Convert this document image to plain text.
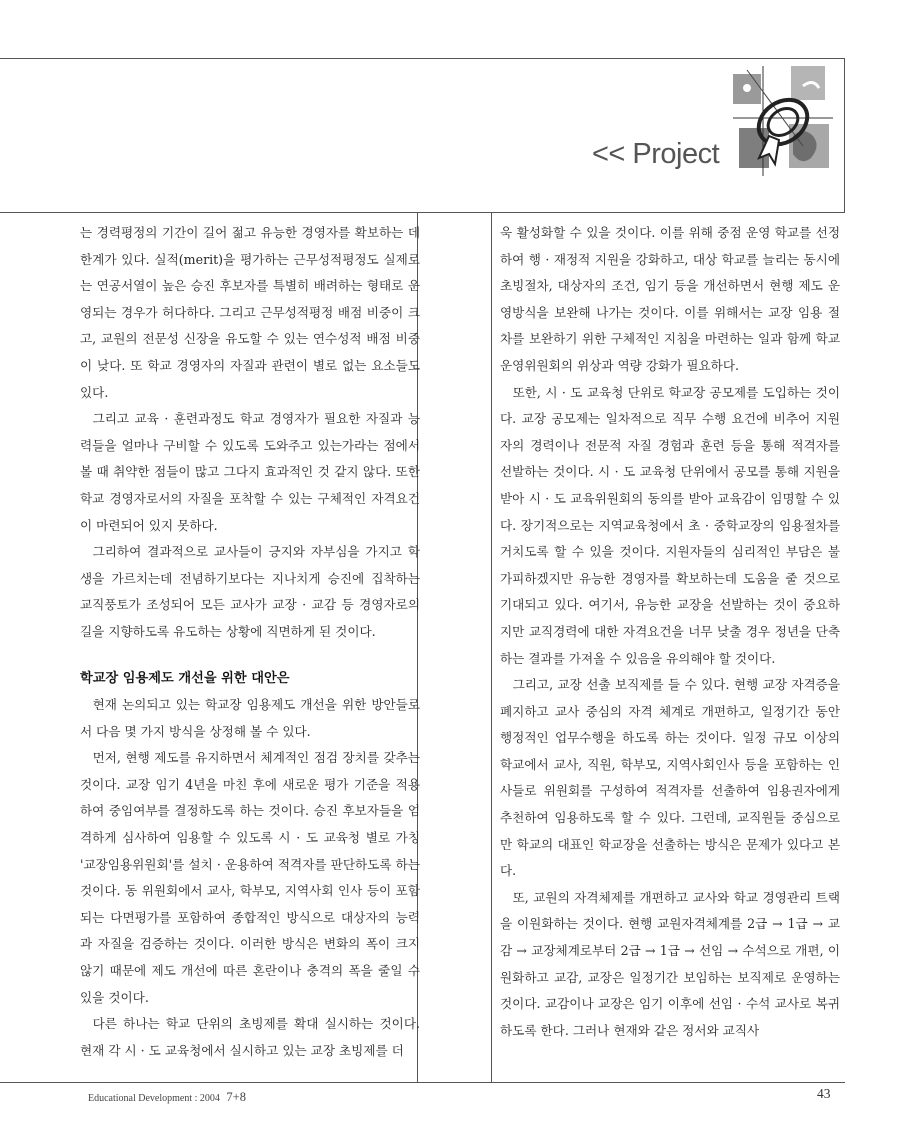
<< Project

는 경력평정의 기간이 길어 젊고 유능한 경영자를 확보하는 데 한계가 있다. 실적(merit)을 평가하는 근무성적평정도 실제로는 연공서열이 높은 승진 후보자를 특별히 배려하는 형태로 운영되는 경우가 허다하다. 그리고 근무성적평정 배점 비중이 크고, 교원의 전문성 신장을 유도할 수 있는 연수성적 배점 비중이 낮다. 또 학교 경영자의 자질과 관련이 별로 없는 요소들도 있다.

그리고 교육 · 훈련과정도 학교 경영자가 필요한 자질과 능력들을 얼마나 구비할 수 있도록 도와주고 있는가라는 점에서 볼 때 취약한 점들이 많고 그다지 효과적인 것 같지 않다. 또한 학교 경영자로서의 자질을 포착할 수 있는 구체적인 자격요건이 마련되어 있지 못하다.

그리하여 결과적으로 교사들이 긍지와 자부심을 가지고 학생을 가르치는데 전념하기보다는 지나치게 승진에 집착하는 교직풍토가 조성되어 모든 교사가 교장 · 교감 등 경영자로의 길을 지향하도록 유도하는 상황에 직면하게 된 것이다.

학교장 임용제도 개선을 위한 대안은

현재 논의되고 있는 학교장 임용제도 개선을 위한 방안들로서 다음 몇 가지 방식을 상정해 볼 수 있다.

먼저, 현행 제도를 유지하면서 체계적인 점검 장치를 갖추는 것이다. 교장 임기 4년을 마친 후에 새로운 평가 기준을 적용하여 중임여부를 결정하도록 하는 것이다. 승진 후보자들을 엄격하게 심사하여 임용할 수 있도록 시 · 도 교육청 별로 가칭 '교장임용위원회'를 설치 · 운용하여 적격자를 판단하도록 하는 것이다. 동 위원회에서 교사, 학부모, 지역사회 인사 등이 포함되는 다면평가를 포함하여 종합적인 방식으로 대상자의 능력과 자질을 검증하는 것이다. 이러한 방식은 변화의 폭이 크지 않기 때문에 제도 개선에 따른 혼란이나 충격의 폭을 줄일 수 있을 것이다.

다른 하나는 학교 단위의 초빙제를 확대 실시하는 것이다. 현재 각 시 · 도 교육청에서 실시하고 있는 교장 초빙제를 더

욱 활성화할 수 있을 것이다. 이를 위해 중점 운영 학교를 선정하여 행 · 재정적 지원을 강화하고, 대상 학교를 늘리는 동시에 초빙절차, 대상자의 조건, 임기 등을 개선하면서 현행 제도 운영방식을 보완해 나가는 것이다. 이를 위해서는 교장 임용 절차를 보완하기 위한 구체적인 지침을 마련하는 일과 함께 학교운영위원회의 위상과 역량 강화가 필요하다.

또한, 시 · 도 교육청 단위로 학교장 공모제를 도입하는 것이다. 교장 공모제는 일차적으로 직무 수행 요건에 비추어 지원자의 경력이나 전문적 자질 경험과 훈련 등을 통해 적격자를 선발하는 것이다. 시 · 도 교육청 단위에서 공모를 통해 지원을 받아 시 · 도 교육위원회의 동의를 받아 교육감이 임명할 수 있다. 장기적으로는 지역교육청에서 초 · 중학교장의 임용절차를 거치도록 할 수 있을 것이다. 지원자들의 심리적인 부담은 불가피하겠지만 유능한 경영자를 확보하는데 도움을 줄 것으로 기대되고 있다. 여기서, 유능한 교장을 선발하는 것이 중요하지만 교직경력에 대한 자격요건을 너무 낮출 경우 정년을 단축하는 결과를 가져올 수 있음을 유의해야 할 것이다.

그리고, 교장 선출 보직제를 들 수 있다. 현행 교장 자격증을 폐지하고 교사 중심의 자격 체계로 개편하고, 일정기간 동안 행정적인 업무수행을 하도록 하는 것이다. 일정 규모 이상의 학교에서 교사, 직원, 학부모, 지역사회인사 등을 포함하는 인사들로 위원회를 구성하여 적격자를 선출하여 임용권자에게 추천하여 임용하도록 할 수 있다. 그런데, 교직원들 중심으로만 학교의 대표인 학교장을 선출하는 방식은 문제가 있다고 본다.

또, 교원의 자격체제를 개편하고 교사와 학교 경영관리 트랙을 이원화하는 것이다. 현행 교원자격체계를 2급 → 1급 → 교감 → 교장체계로부터 2급 → 1급 → 선임 → 수석으로 개편, 이원화하고 교감, 교장은 일정기간 보임하는 보직제로 운영하는 것이다. 교감이나 교장은 임기 이후에 선임 · 수석 교사로 복귀하도록 한다. 그러나 현재와 같은 정서와 교직사

Educational Development : 2004 7+8	43
